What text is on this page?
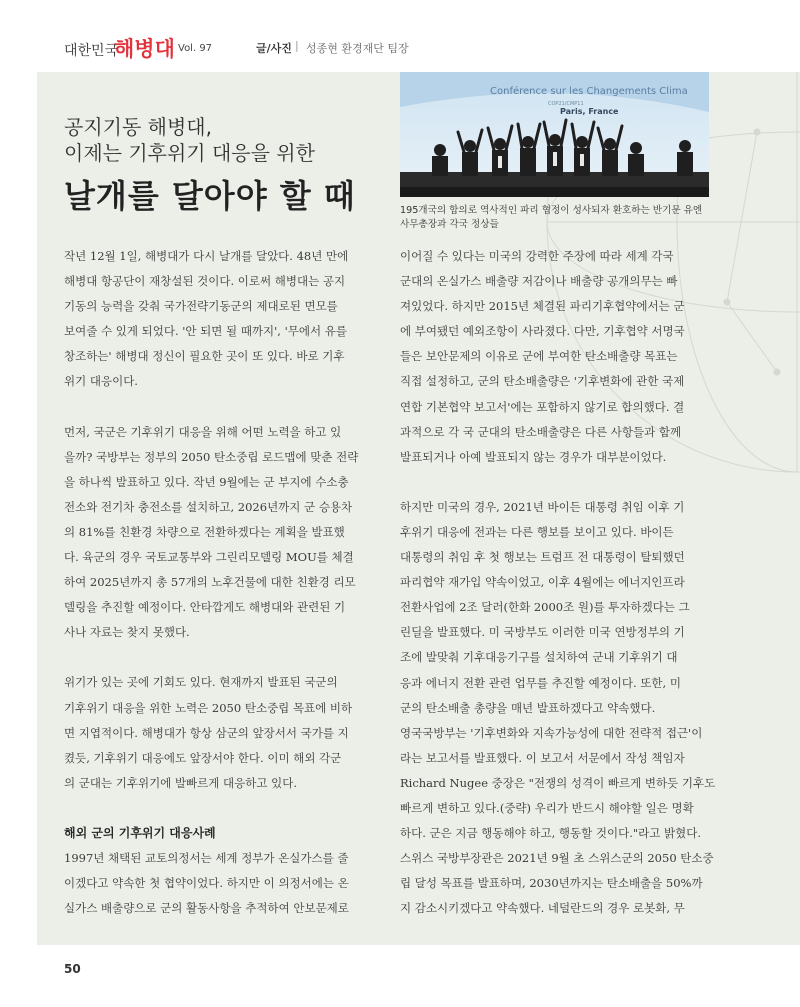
대한민국
해병대 Vol. 97	글/사진 | 성종현 환경재단 팀장
Conférence sur les Changements Clima
COP21/CMP11
Paris, France
195개국의 합의로 역사적인 파리 협정이 성사되자 환호하는 반기문 유엔
사무총장과 각국 정상들
공지기동 해병대,
이제는 기후위기 대응을 위한
날개를 달아야 할 때
작년 12월 1일, 해병대가 다시 날개를 달았다. 48년 만에
해병대 항공단이 재창설된 것이다. 이로써 해병대는 공지
기동의 능력을 갖춰 국가전략기동군의 제대로된 면모를
보여줄 수 있게 되었다. '안 되면 될 때까지', '무에서 유를
창조하는' 해병대 정신이 필요한 곳이 또 있다. 바로 기후
위기 대응이다.
먼저, 국군은 기후위기 대응을 위해 어떤 노력을 하고 있
을까? 국방부는 정부의 2050 탄소중립 로드맵에 맞춘 전략
을 하나씩 발표하고 있다. 작년 9월에는 군 부지에 수소충
전소와 전기차 충전소를 설치하고, 2026년까지 군 승용차
의 81%를 친환경 차량으로 전환하겠다는 계획을 발표했
다. 육군의 경우 국토교통부와 그린리모델링 MOU를 체결
하여 2025년까지 총 57개의 노후건물에 대한 친환경 리모
델링을 추진할 예정이다. 안타깝게도 해병대와 관련된 기
사나 자료는 찾지 못했다.
위기가 있는 곳에 기회도 있다. 현재까지 발표된 국군의
기후위기 대응을 위한 노력은 2050 탄소중립 목표에 비하
면 지엽적이다. 해병대가 항상 삼군의 앞장서서 국가를 지
켰듯, 기후위기 대응에도 앞장서야 한다. 이미 해외 각군
의 군대는 기후위기에 발빠르게 대응하고 있다.
해외 군의 기후위기 대응사례
1997년 채택된 교토의정서는 세계 정부가 온실가스를 줄
이겠다고 약속한 첫 협약이었다. 하지만 이 의정서에는 온
실가스 배출량으로 군의 활동사항을 추적하여 안보문제로
이어질 수 있다는 미국의 강력한 주장에 따라 세계 각국
군대의 온실가스 배출량 저감이나 배출량 공개의무는 빠
져있었다. 하지만 2015년 체결된 파리기후협약에서는 군
에 부여됐던 예외조항이 사라졌다. 다만, 기후협약 서명국
들은 보안문제의 이유로 군에 부여한 탄소배출량 목표는
직접 설정하고, 군의 탄소배출량은 '기후변화에 관한 국제
연합 기본협약 보고서'에는 포함하지 않기로 합의했다. 결
과적으로 각 국 군대의 탄소배출량은 다른 사항들과 함께
발표되거나 아예 발표되지 않는 경우가 대부분이었다.
하지만 미국의 경우, 2021년 바이든 대통령 취임 이후 기
후위기 대응에 전과는 다른 행보를 보이고 있다. 바이든
대통령의 취임 후 첫 행보는 트럼프 전 대통령이 탈퇴했던
파리협약 재가입 약속이었고, 이후 4월에는 에너지인프라
전환사업에 2조 달러(한화 2000조 원)를 투자하겠다는 그
린딜을 발표했다. 미 국방부도 이러한 미국 연방정부의 기
조에 발맞춰 기후대응기구를 설치하여 군내 기후위기 대
응과 에너지 전환 관련 업무를 추진할 예정이다. 또한, 미
군의 탄소배출 총량을 매년 발표하겠다고 약속했다.
영국국방부는 '기후변화와 지속가능성에 대한 전략적 접근'이
라는 보고서를 발표했다. 이 보고서 서문에서 작성 책임자
Richard Nugee 중장은 "전쟁의 성격이 빠르게 변하듯 기후도
빠르게 변하고 있다.(중략) 우리가 반드시 해야할 일은 명확
하다. 군은 지금 행동해야 하고, 행동할 것이다."라고 밝혔다.
스위스 국방부장관은 2021년 9월 초 스위스군의 2050 탄소중
립 달성 목표를 발표하며, 2030년까지는 탄소배출을 50%까
지 감소시키겠다고 약속했다. 네덜란드의 경우 로봇화, 무
50
